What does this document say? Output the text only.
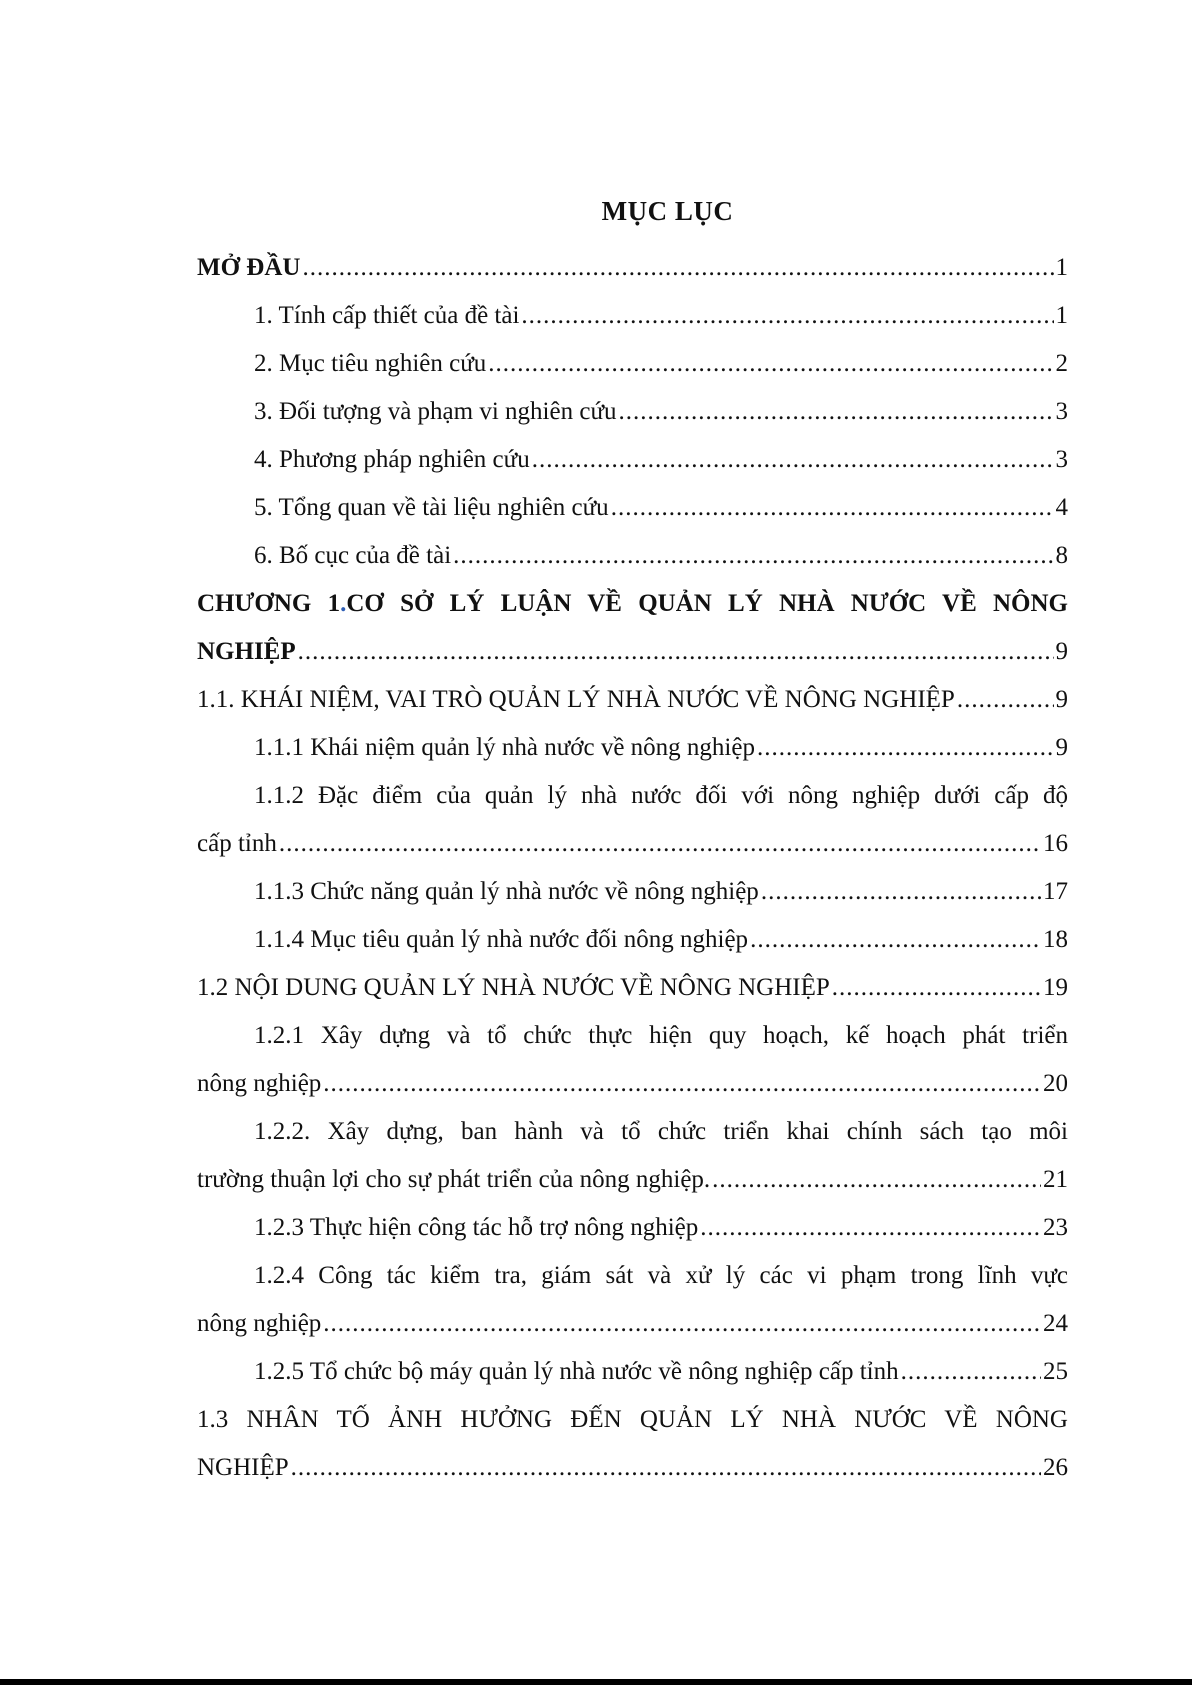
MỤC LỤC
MỞ ĐẦU .....	1
1. Tính cấp thiết của đề tài .....	1
2. Mục tiêu nghiên cứu .....	2
3. Đối tượng và phạm vi nghiên cứu .....	3
4. Phương pháp nghiên cứu .....	3
5. Tổng quan về tài liệu nghiên cứu .....	4
6. Bố cục của đề tài .....	8
CHƯƠNG 1.CƠ SỞ LÝ LUẬN VỀ QUẢN LÝ NHÀ NƯỚC VỀ NÔNG
NGHIỆP .....	9
1.1. KHÁI NIỆM, VAI TRÒ QUẢN LÝ NHÀ NƯỚC VỀ NÔNG NGHIỆP .....	9
1.1.1 Khái niệm quản lý nhà nước về nông nghiệp .....	9
1.1.2 Đặc điểm của quản lý nhà nước đối với nông nghiệp dưới cấp độ
cấp tỉnh .....	16
1.1.3 Chức năng quản lý nhà nước về nông nghiệp .....	17
1.1.4 Mục tiêu quản lý nhà nước đối nông nghiệp .....	18
1.2 NỘI DUNG QUẢN LÝ NHÀ NƯỚC VỀ NÔNG NGHIỆP .....	19
1.2.1 Xây dựng và tổ chức thực hiện quy hoạch, kế hoạch phát triển
nông nghiệp .....	20
1.2.2. Xây dựng, ban hành và tổ chức triển khai chính sách tạo môi
trường thuận lợi cho sự phát triển của nông nghiệp. .....	21
1.2.3 Thực hiện công tác hỗ trợ nông nghiệp .....	23
1.2.4 Công tác kiểm tra, giám sát và xử lý các vi phạm trong lĩnh vực
nông nghiệp .....	24
1.2.5 Tổ chức bộ máy quản lý nhà nước về nông nghiệp cấp tỉnh .....	25
1.3 NHÂN TỐ ẢNH HƯỞNG ĐẾN QUẢN LÝ NHÀ NƯỚC VỀ NÔNG
NGHIỆP .....	26
